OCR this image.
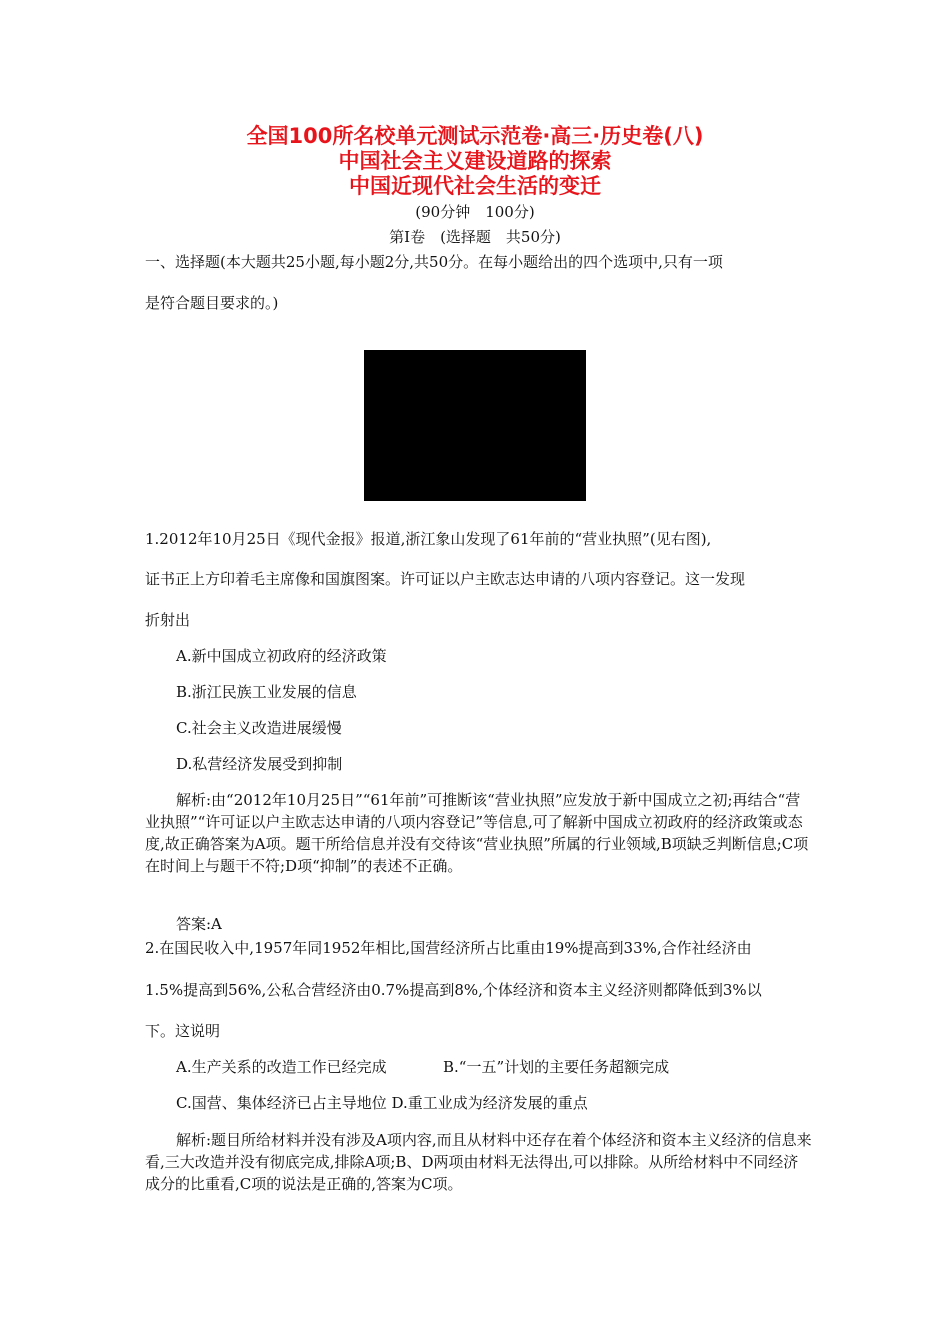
全国100所名校单元测试示范卷·高三·历史卷(八)
中国社会主义建设道路的探索
中国近现代社会生活的变迁
(90分钟　100分)
第Ⅰ卷　(选择题　共50分)
一、选择题(本大题共25小题,每小题2分,共50分。在每小题给出的四个选项中,只有一项
是符合题目要求的。)
1.2012年10月25日《现代金报》报道,浙江象山发现了61年前的“营业执照”(见右图),
证书正上方印着毛主席像和国旗图案。许可证以户主欧志达申请的八项内容登记。这一发现
折射出
A.新中国成立初政府的经济政策
B.浙江民族工业发展的信息
C.社会主义改造进展缓慢
D.私营经济发展受到抑制
解析:由“2012年10月25日”“61年前”可推断该“营业执照”应发放于新中国成立之初;再结合“营业执照”“许可证以户主欧志达申请的八项内容登记”等信息,可了解新中国成立初政府的经济政策或态度,故正确答案为A项。题干所给信息并没有交待该“营业执照”所属的行业领域,B项缺乏判断信息;C项在时间上与题干不符;D项“抑制”的表述不正确。
答案:A
2.在国民收入中,1957年同1952年相比,国营经济所占比重由19%提高到33%,合作社经济由
1.5%提高到56%,公私合营经济由0.7%提高到8%,个体经济和资本主义经济则都降低到3%以
下。这说明
A.生产关系的改造工作已经完成	B.“一五”计划的主要任务超额完成
C.国营、集体经济已占主导地位 D.重工业成为经济发展的重点
解析:题目所给材料并没有涉及A项内容,而且从材料中还存在着个体经济和资本主义经济的信息来看,三大改造并没有彻底完成,排除A项;B、D两项由材料无法得出,可以排除。从所给材料中不同经济成分的比重看,C项的说法是正确的,答案为C项。
